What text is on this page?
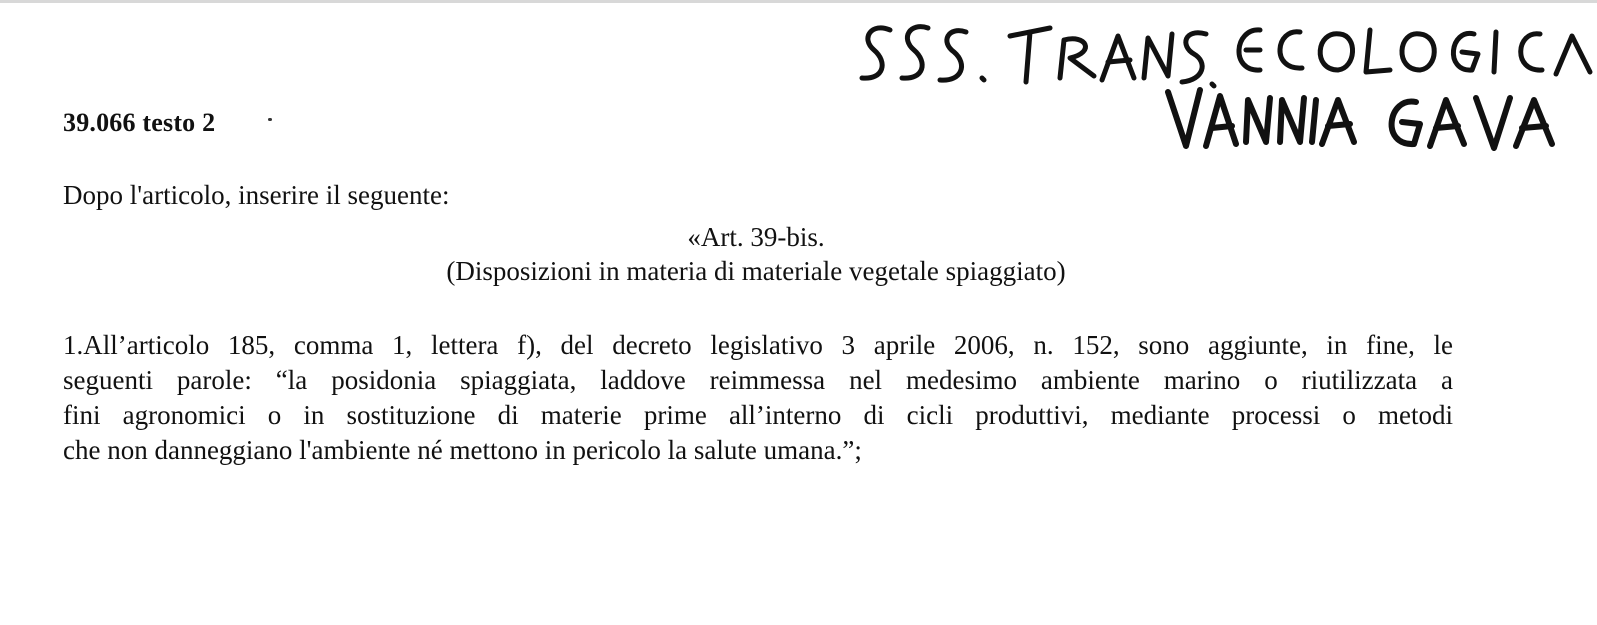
39.066 testo 2
Dopo l'articolo, inserire il seguente:
«Art. 39-bis.
(Disposizioni in materia di materiale vegetale spiaggiato)
1.All’articolo 185, comma 1, lettera f), del decreto legislativo 3 aprile 2006, n. 152, sono aggiunte, in fine, le
seguenti parole: “la posidonia spiaggiata, laddove reimmessa nel medesimo ambiente marino o riutilizzata a
fini agronomici o in sostituzione di materie prime all’interno di cicli produttivi, mediante processi o metodi
che non danneggiano l'ambiente né mettono in pericolo la salute umana.”;
